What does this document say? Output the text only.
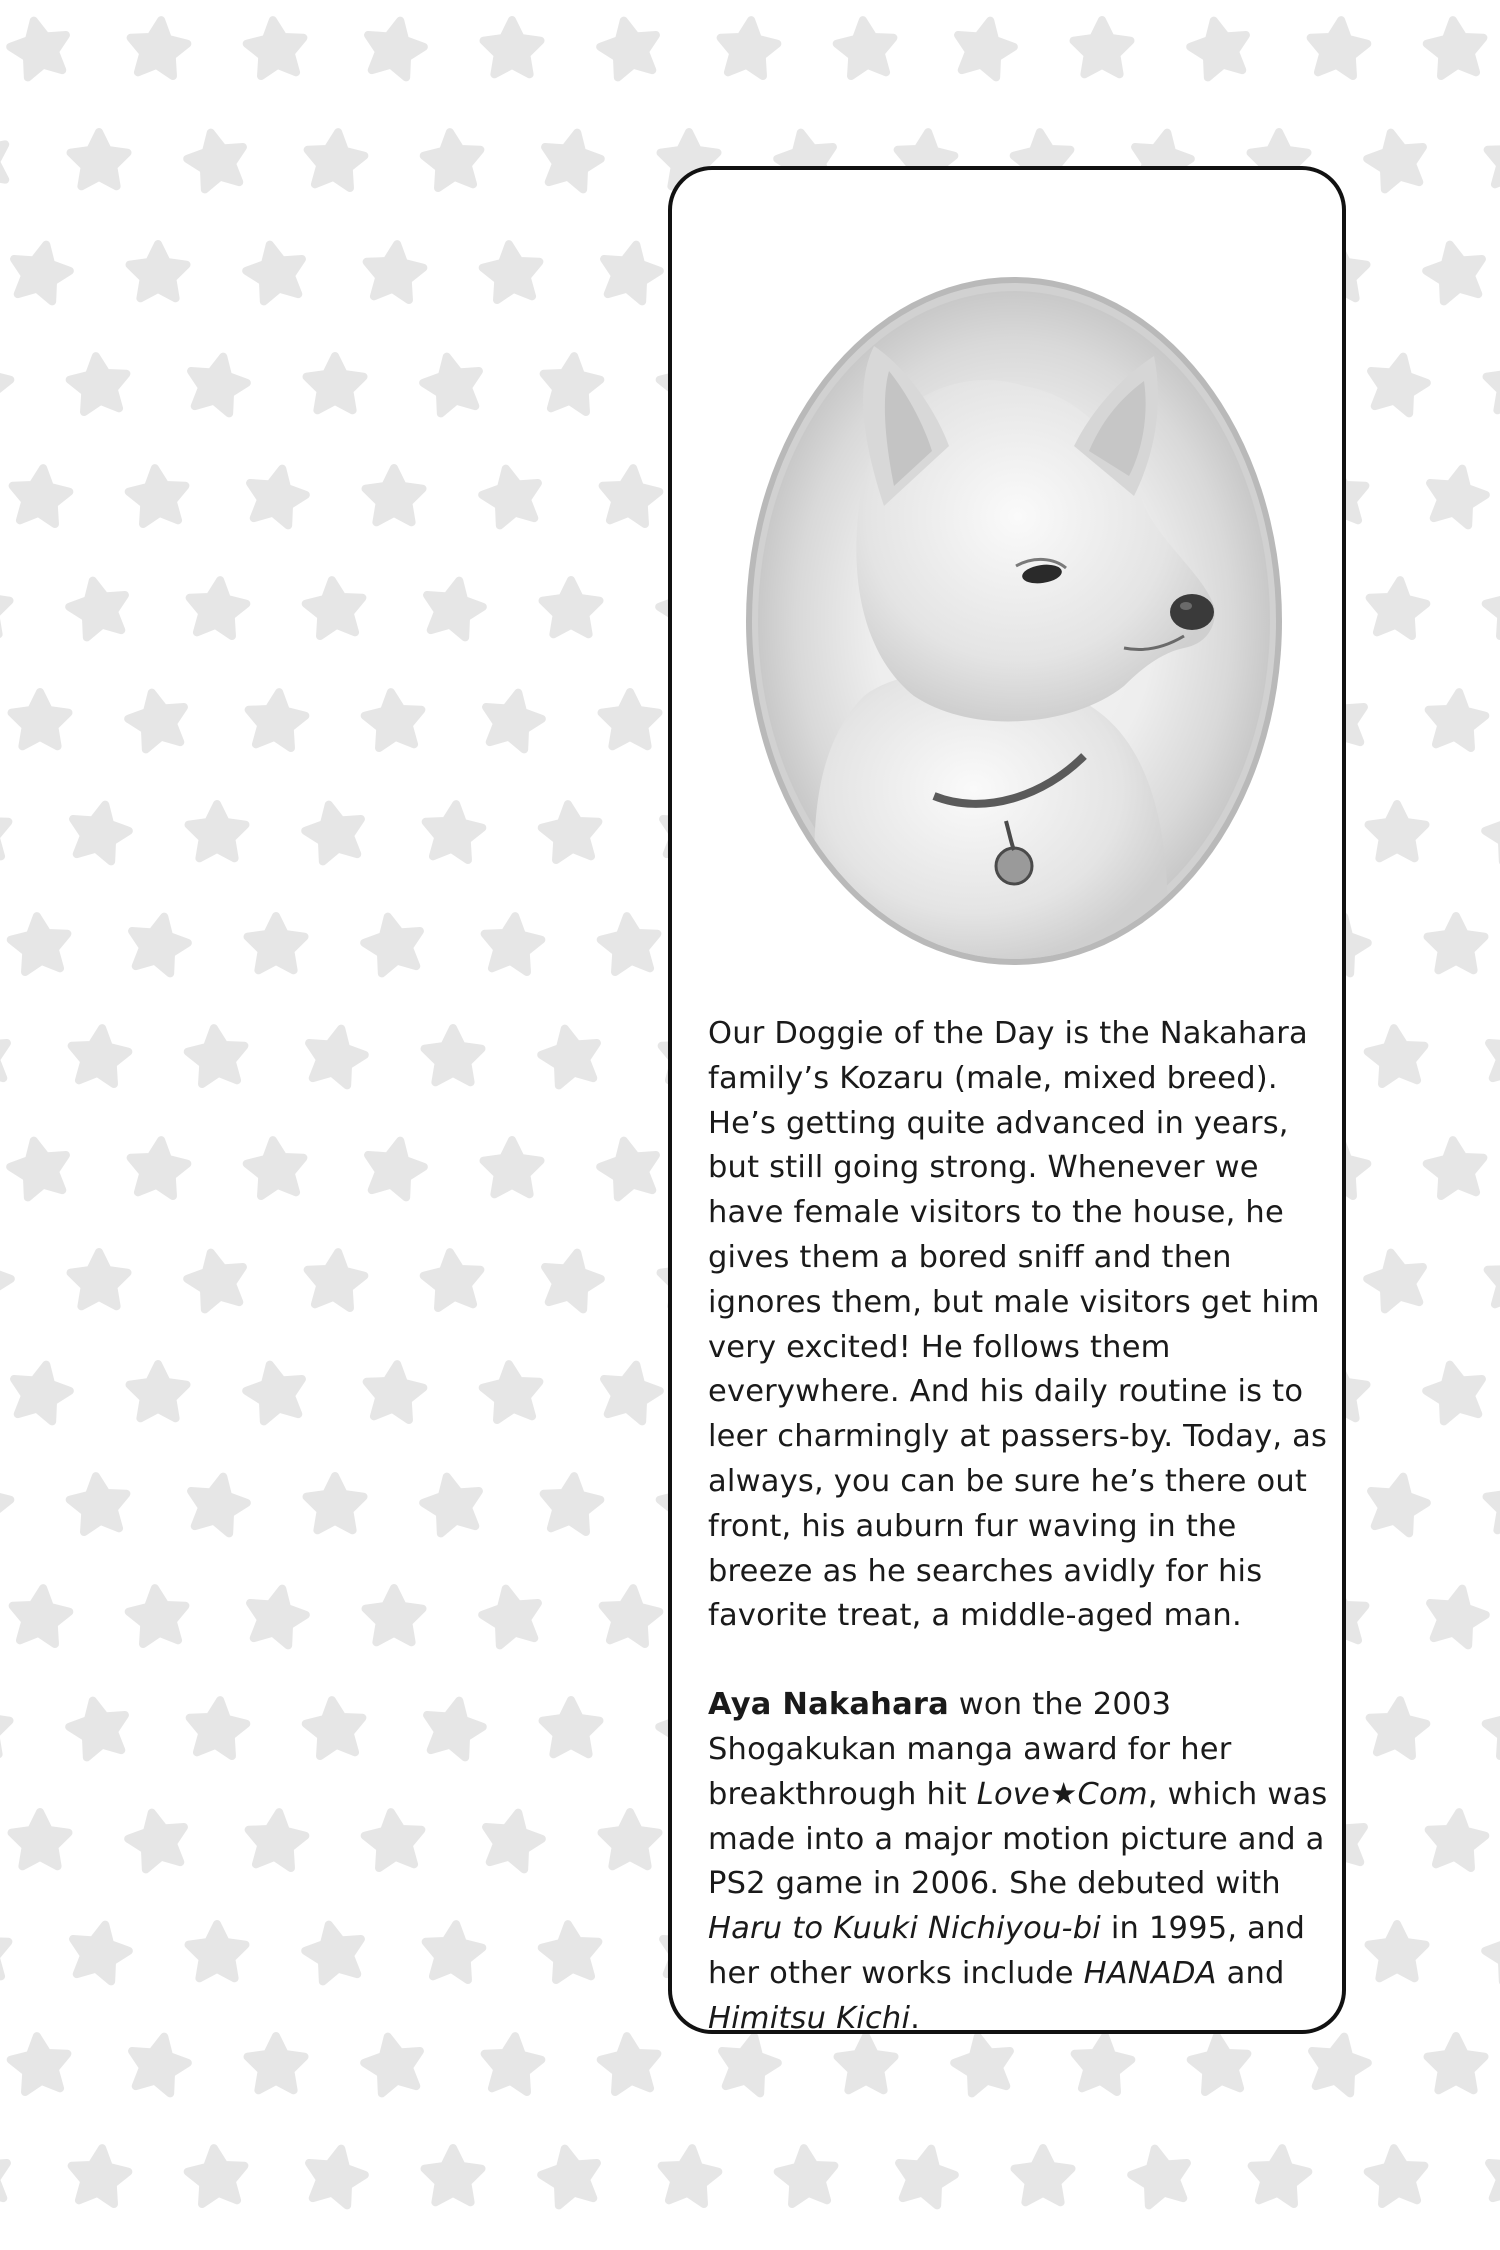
Our Doggie of the Day is the Nakahara family’s Kozaru (male, mixed breed). He’s getting quite advanced in years, but still going strong. Whenever we have female visitors to the house, he gives them a bored sniff and then ignores them, but male visitors get him very excited! He follows them everywhere. And his daily routine is to leer charmingly at passers-by. Today, as always, you can be sure he’s there out front, his auburn fur waving in the breeze as he searches avidly for his favorite treat, a middle-aged man.

Aya Nakahara won the 2003 Shogakukan manga award for her breakthrough hit Love★Com, which was made into a major motion picture and a PS2 game in 2006. She debuted with Haru to Kuuki Nichiyou-bi in 1995, and her other works include HANADA and Himitsu Kichi.
